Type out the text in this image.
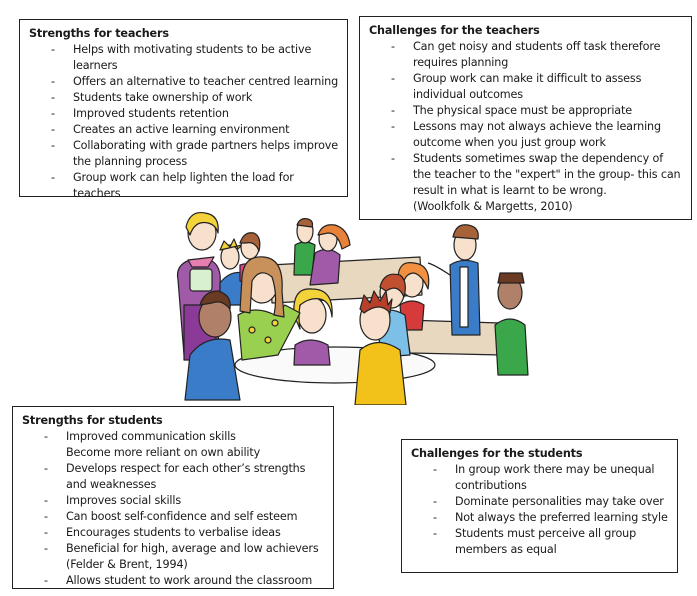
Strengths for teachers
- Helps with motivating students to be active learners
- Offers an alternative to teacher centred learning
- Students take ownership of work
- Improved students retention
- Creates an active learning environment
- Collaborating with grade partners helps improve the planning process
- Group work can help lighten the load for teachers
Challenges for the teachers
- Can get noisy and students off task therefore requires planning
- Group work can make it difficult to assess individual outcomes
- The physical space must be appropriate
- Lessons may not always achieve the learning outcome when you just group work
- Students sometimes swap the dependency of the teacher to the "expert" in the group- this can result in what is learnt to be wrong.
(Woolkfolk & Margetts, 2010)
Strengths for students
- Improved communication skills
Become more reliant on own ability
- Develops respect for each other’s strengths and weaknesses
- Improves social skills
- Can boost self-confidence and self esteem
- Encourages students to verbalise ideas
- Beneficial for high, average and low achievers
(Felder & Brent, 1994)
- Allows student to work around the classroom
Challenges for the students
- In group work there may be unequal contributions
- Dominate personalities may take over
- Not always the preferred learning style
- Students must perceive all group members as equal
